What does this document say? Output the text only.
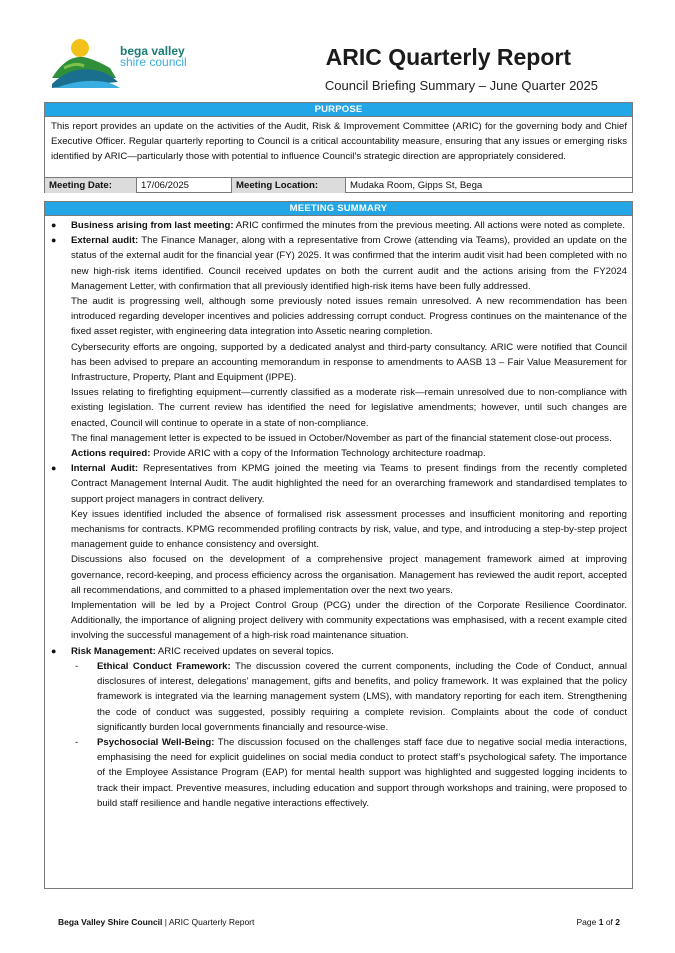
bega valley
shire council	ARIC Quarterly Report
Council Briefing Summary – June Quarter 2025
PURPOSE
This report provides an update on the activities of the Audit, Risk & Improvement Committee (ARIC) for the governing body and Chief Executive Officer. Regular quarterly reporting to Council is a critical accountability measure, ensuring that any issues or emerging risks identified by ARIC—particularly those with potential to influence Council’s strategic direction are appropriately considered.
Meeting Date:	17/06/2025	Meeting Location:	Mudaka Room, Gipps St, Bega
MEETING SUMMARY
● Business arising from last meeting: ARIC confirmed the minutes from the previous meeting. All actions were noted as complete.

● External audit: The Finance Manager, along with a representative from Crowe (attending via Teams), provided an update on the status of the external audit for the financial year (FY) 2025. It was confirmed that the interim audit visit had been completed with no new high-risk items identified. Council received updates on both the current audit and the actions arising from the FY2024 Management Letter, with confirmation that all previously identified high-risk items have been fully addressed.

The audit is progressing well, although some previously noted issues remain unresolved. A new recommendation has been introduced regarding developer incentives and policies addressing corrupt conduct. Progress continues on the maintenance of the fixed asset register, with engineering data integration into Assetic nearing completion.

Cybersecurity efforts are ongoing, supported by a dedicated analyst and third-party consultancy. ARIC were notified that Council has been advised to prepare an accounting memorandum in response to amendments to AASB 13 – Fair Value Measurement for Infrastructure, Property, Plant and Equipment (IPPE).

Issues relating to firefighting equipment—currently classified as a moderate risk—remain unresolved due to non-compliance with existing legislation. The current review has identified the need for legislative amendments; however, until such changes are enacted, Council will continue to operate in a state of non-compliance.

The final management letter is expected to be issued in October/November as part of the financial statement close-out process.

Actions required: Provide ARIC with a copy of the Information Technology architecture roadmap.

● Internal Audit: Representatives from KPMG joined the meeting via Teams to present findings from the recently completed Contract Management Internal Audit. The audit highlighted the need for an overarching framework and standardised templates to support project managers in contract delivery.

Key issues identified included the absence of formalised risk assessment processes and insufficient monitoring and reporting mechanisms for contracts. KPMG recommended profiling contracts by risk, value, and type, and introducing a step-by-step project management guide to enhance consistency and oversight.

Discussions also focused on the development of a comprehensive project management framework aimed at improving governance, record-keeping, and process efficiency across the organisation. Management has reviewed the audit report, accepted all recommendations, and committed to a phased implementation over the next two years.

Implementation will be led by a Project Control Group (PCG) under the direction of the Corporate Resilience Coordinator. Additionally, the importance of aligning project delivery with community expectations was emphasised, with a recent example cited involving the successful management of a high-risk road maintenance situation.

● Risk Management: ARIC received updates on several topics.

- Ethical Conduct Framework: The discussion covered the current components, including the Code of Conduct, annual disclosures of interest, delegations’ management, gifts and benefits, and policy framework. It was explained that the policy framework is integrated via the learning management system (LMS), with mandatory reporting for each item. Strengthening the code of conduct was suggested, possibly requiring a complete revision. Complaints about the code of conduct significantly burden local governments financially and resource-wise.

- Psychosocial Well-Being: The discussion focused on the challenges staff face due to negative social media interactions, emphasising the need for explicit guidelines on social media conduct to protect staff’s psychological safety. The importance of the Employee Assistance Program (EAP) for mental health support was highlighted and suggested logging incidents to track their impact. Preventive measures, including education and support through workshops and training, were proposed to build staff resilience and handle negative interactions effectively.

Bega Valley Shire Council | ARIC Quarterly Report	Page 1 of 2
